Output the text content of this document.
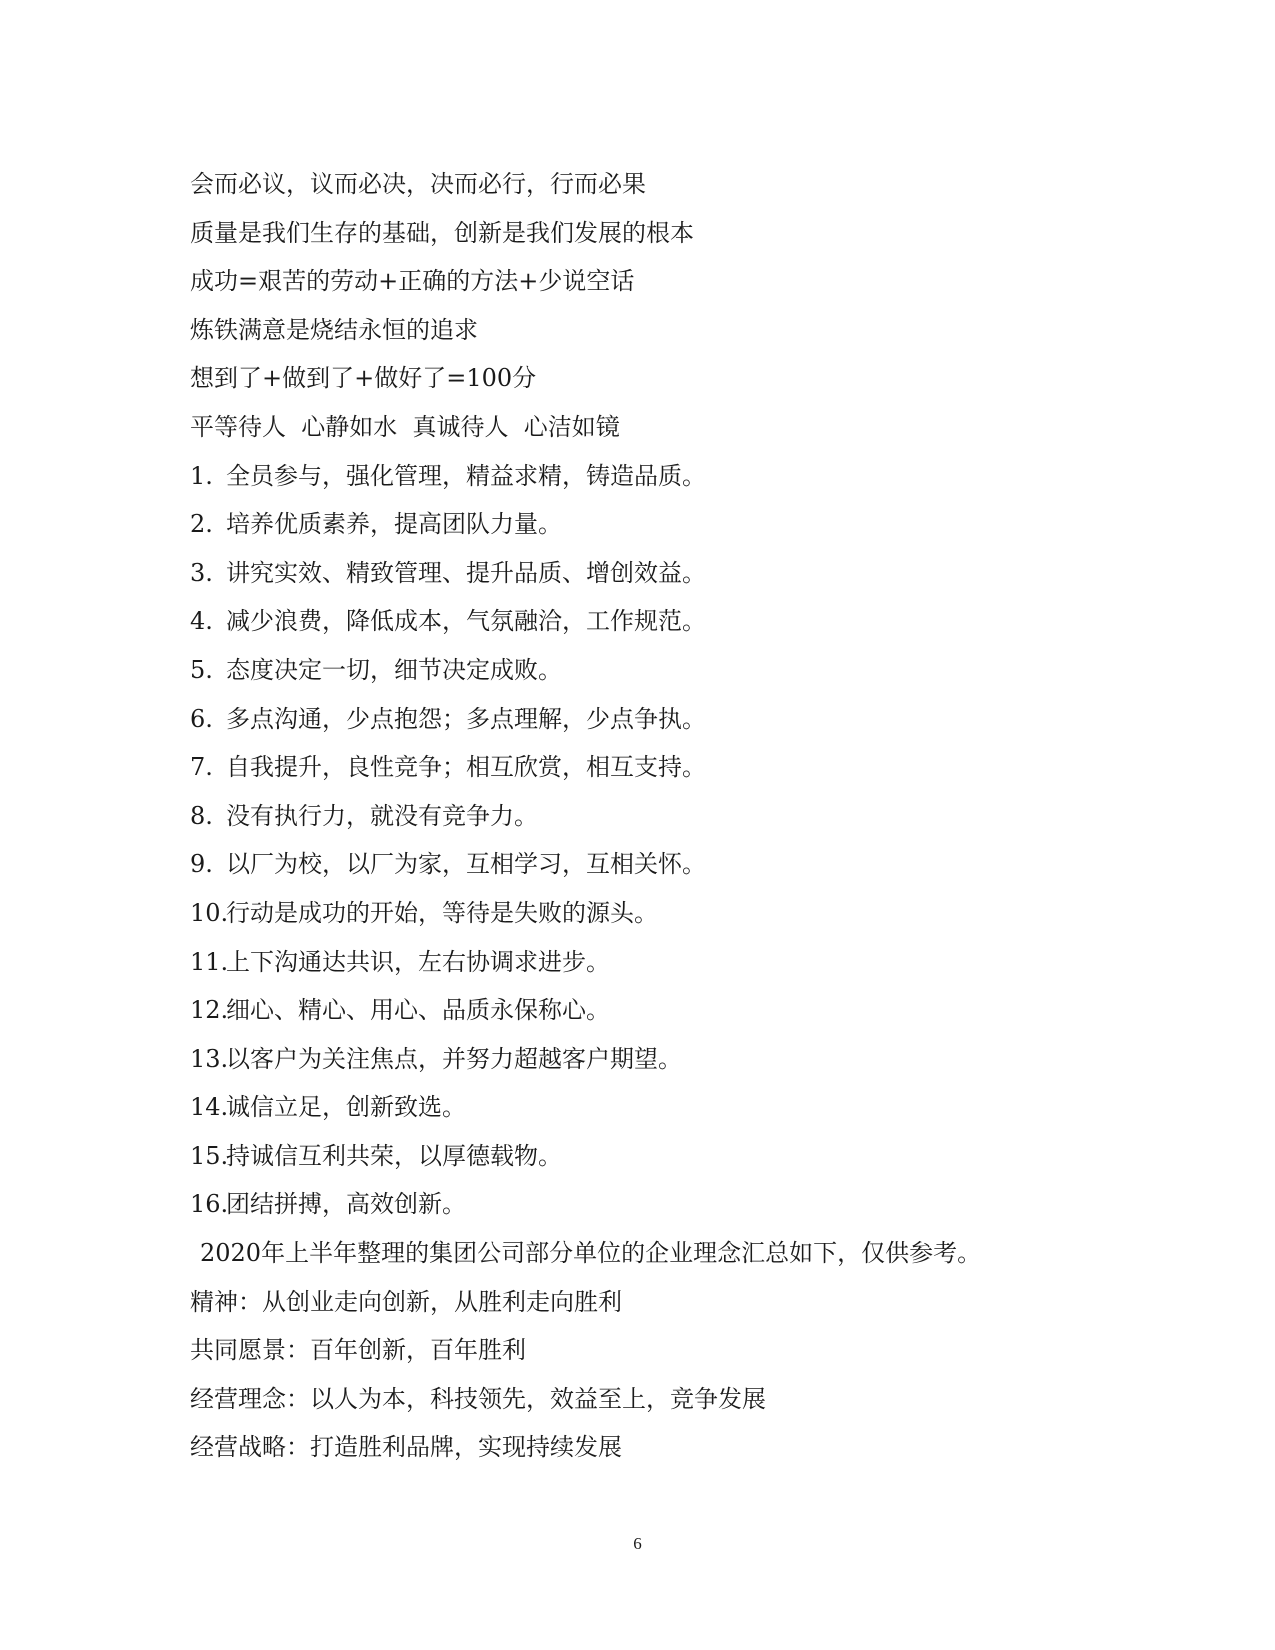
会而必议，议而必决，决而必行，行而必果
质量是我们生存的基础，创新是我们发展的根本
成功=艰苦的劳动+正确的方法+少说空话
炼铁满意是烧结永恒的追求
想到了+做到了+做好了=100分
平等待人  心静如水  真诚待人  心洁如镜
1. 全员参与，强化管理，精益求精，铸造品质。
2. 培养优质素养，提高团队力量。
3. 讲究实效、精致管理、提升品质、增创效益。
4. 减少浪费，降低成本，气氛融洽，工作规范。
5. 态度决定一切，细节决定成败。
6. 多点沟通，少点抱怨；多点理解，少点争执。
7. 自我提升，良性竞争；相互欣赏，相互支持。
8. 没有执行力，就没有竞争力。
9. 以厂为校，以厂为家，互相学习，互相关怀。
10.
行动是成功的开始，等待是失败的源头。
11.
上下沟通达共识，左右协调求进步。
12.
细心、精心、用心、品质永保称心。
13.
以客户为关注焦点，并努力超越客户期望。
14.
诚信立足，创新致选。
15.
持诚信互利共荣，以厚德载物。
16.
团结拼搏，高效创新。
2020年上半年整理的集团公司部分单位的企业理念汇总如下，仅供参考。
精神：从创业走向创新，从胜利走向胜利
共同愿景：百年创新，百年胜利
经营理念：以人为本，科技领先，效益至上，竞争发展
经营战略：打造胜利品牌，实现持续发展
6
